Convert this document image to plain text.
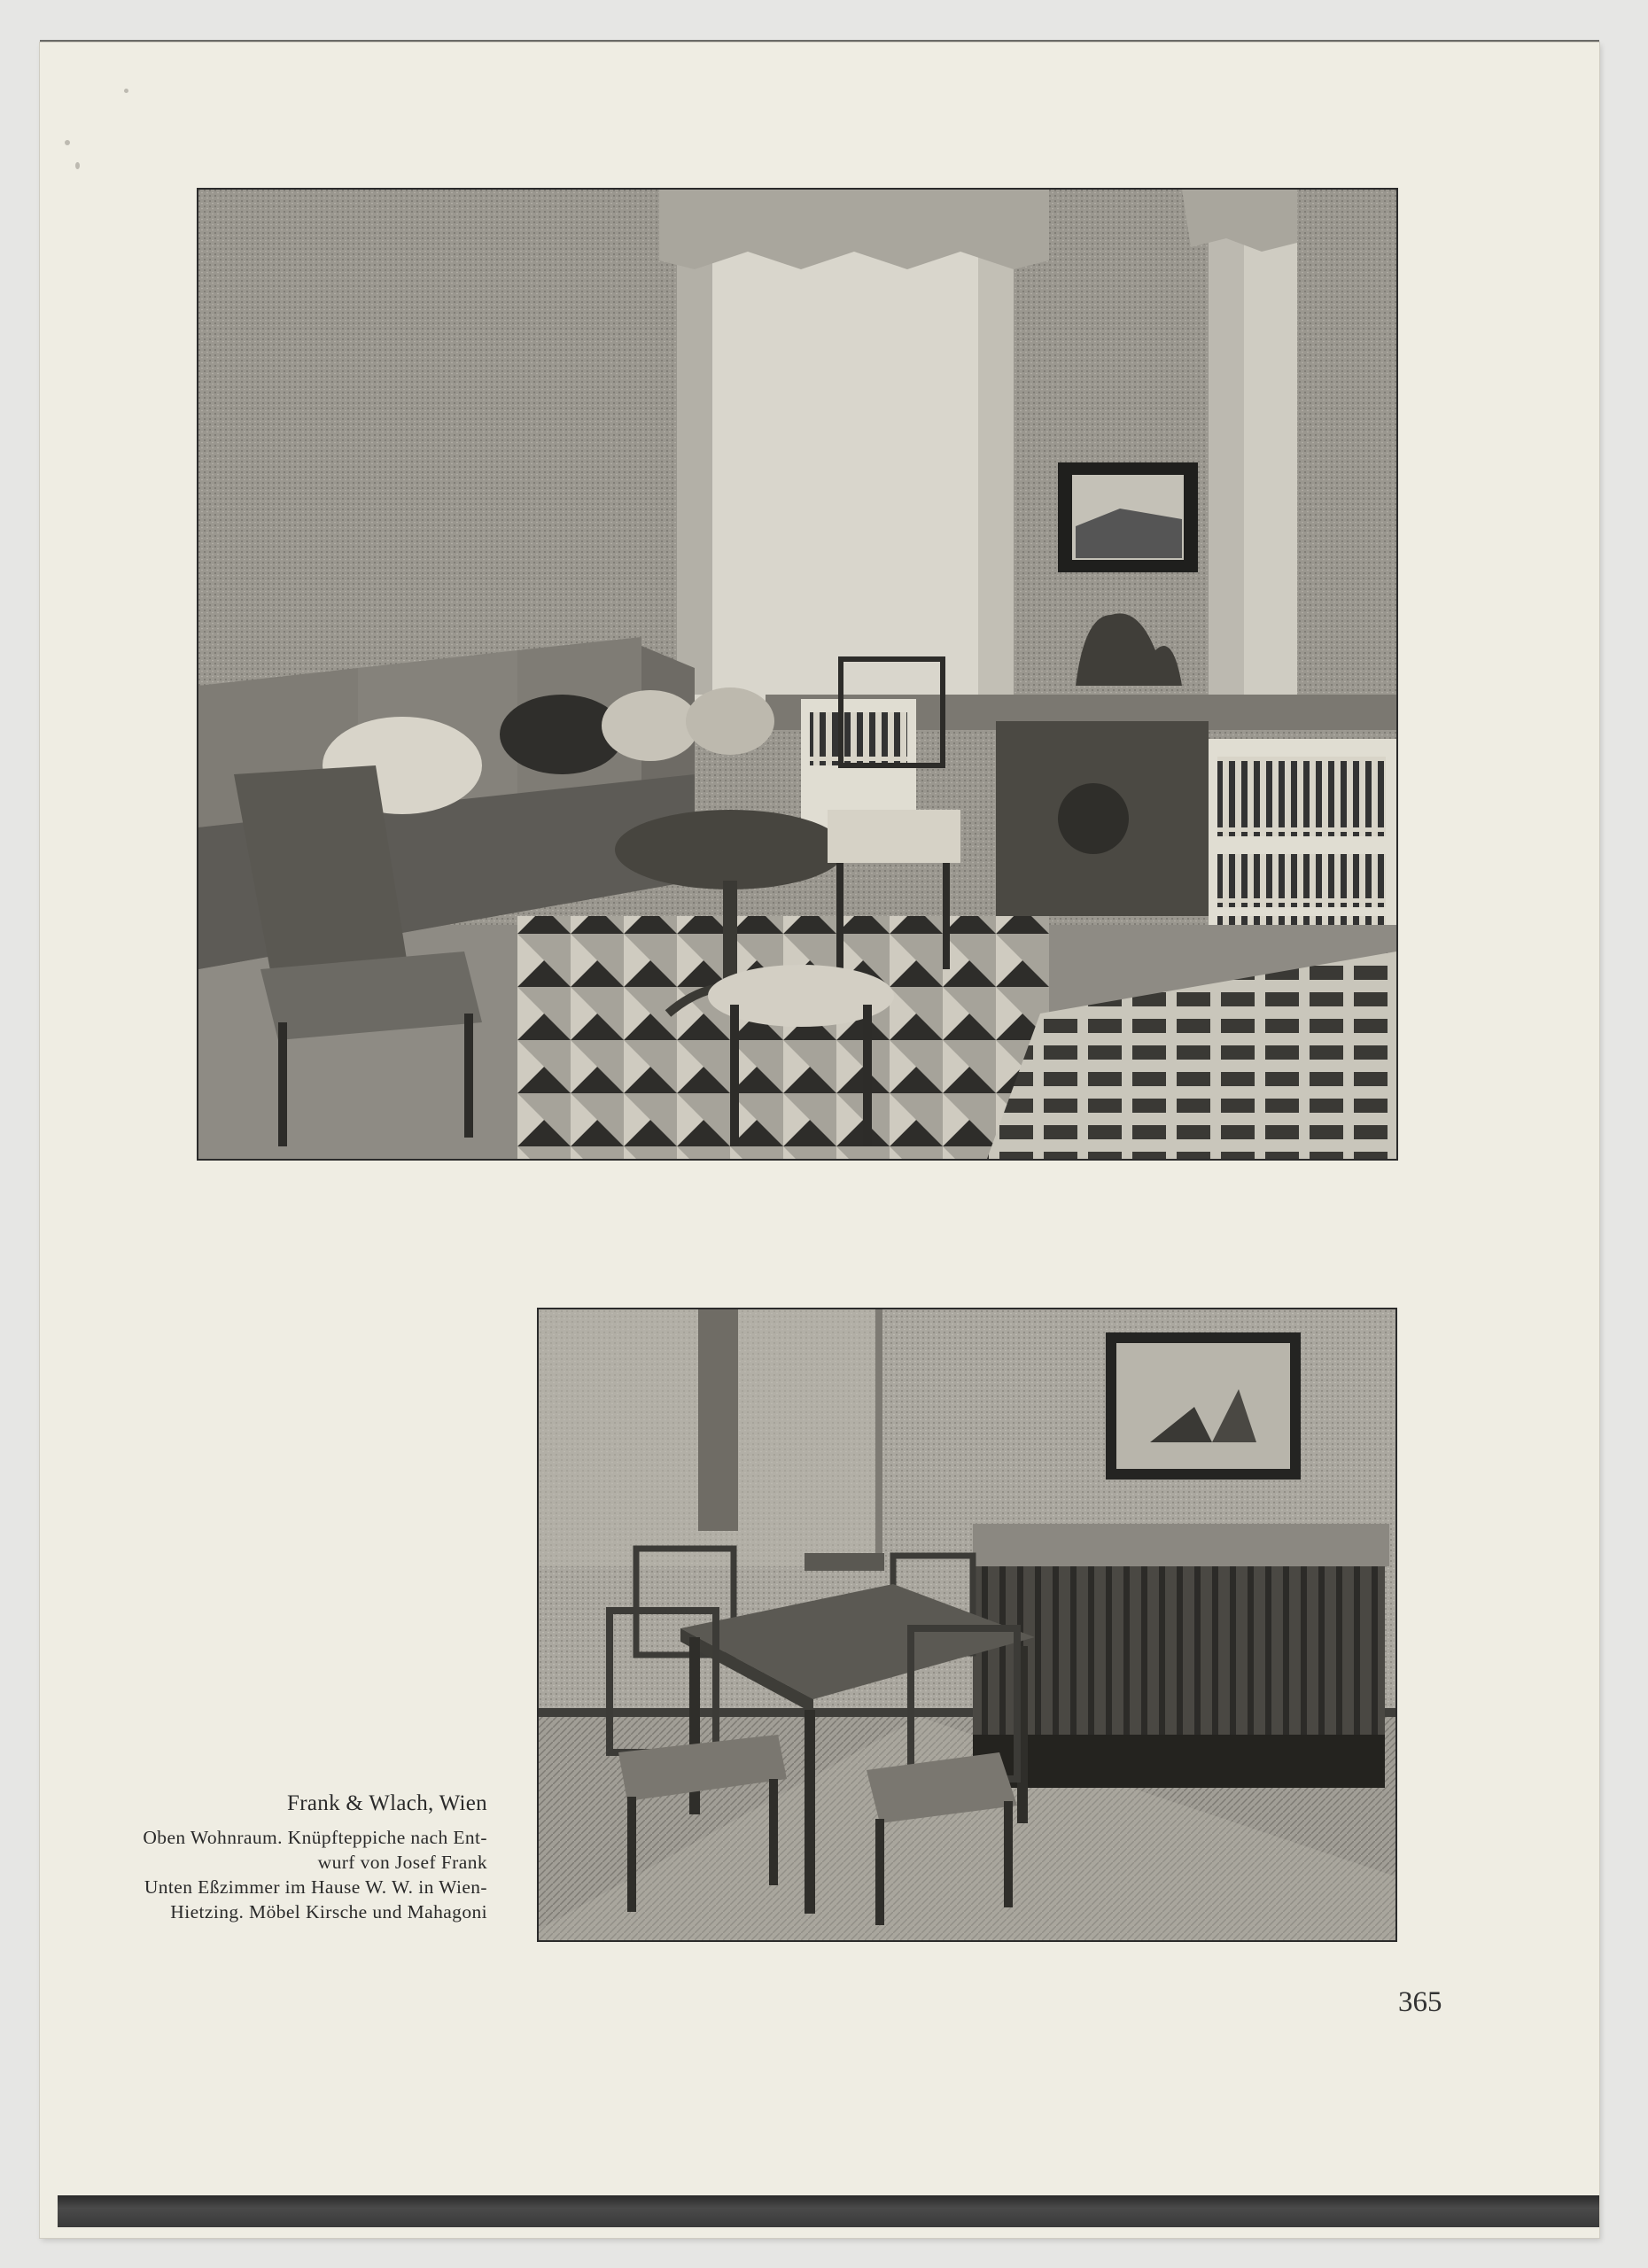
Frank & Wlach, Wien
Oben Wohnraum. Knüpfteppiche nach Ent-
wurf von Josef Frank
Unten Eßzimmer im Hause W. W. in Wien-
Hietzing. Möbel Kirsche und Mahagoni
365
